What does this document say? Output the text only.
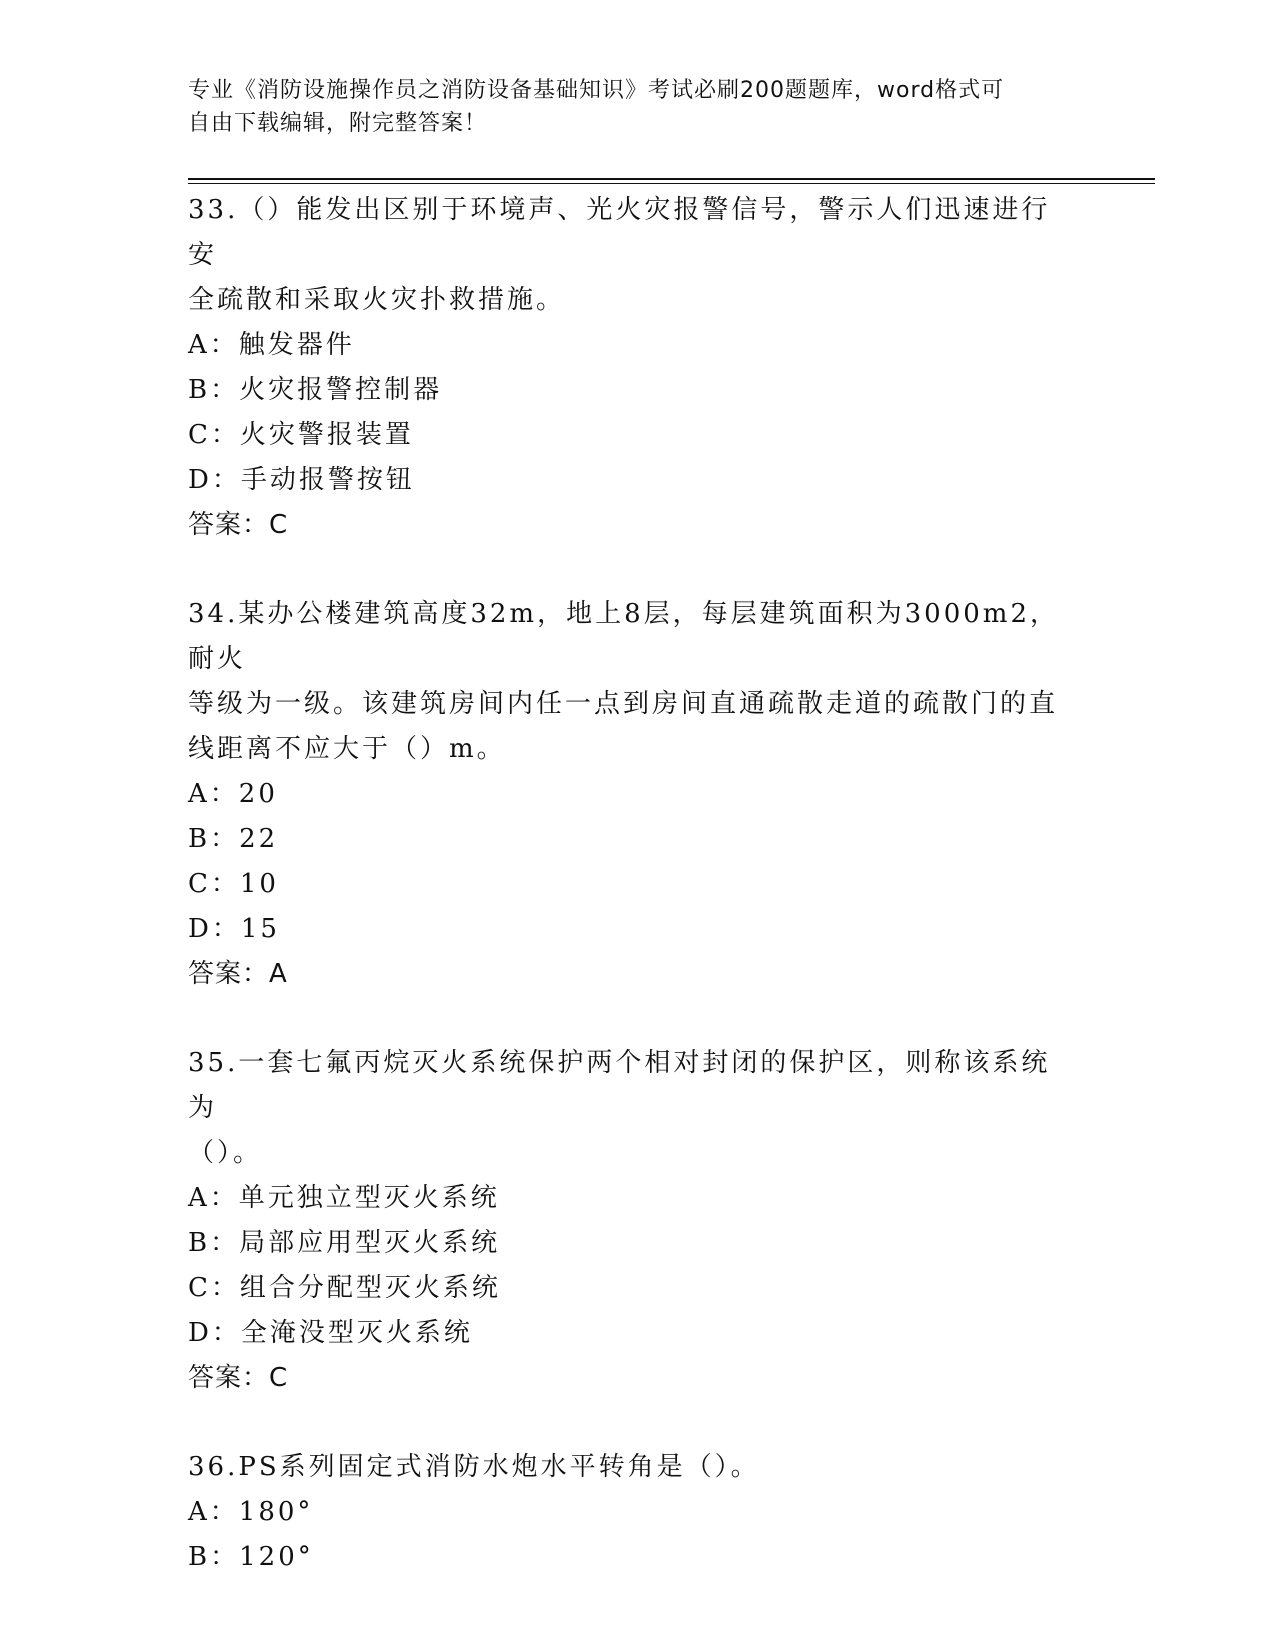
专业《消防设施操作员之消防设备基础知识》考试必刷200题题库，word格式可
自由下载编辑，附完整答案！

33.（）能发出区别于环境声、光火灾报警信号，警示人们迅速进行安

全疏散和采取火灾扑救措施。

A：触发器件

B：火灾报警控制器

C：火灾警报装置

D：手动报警按钮

答案：C

34.某办公楼建筑高度32m，地上8层，每层建筑面积为3000m2，耐火

等级为一级。该建筑房间内任一点到房间直通疏散走道的疏散门的直

线距离不应大于（）m。

A：20

B：22

C：10

D：15

答案：A

35.一套七氟丙烷灭火系统保护两个相对封闭的保护区，则称该系统为

（）。

A：单元独立型灭火系统

B：局部应用型灭火系统

C：组合分配型灭火系统

D：全淹没型灭火系统

答案：C

36.PS系列固定式消防水炮水平转角是（）。

A：180°

B：120°
